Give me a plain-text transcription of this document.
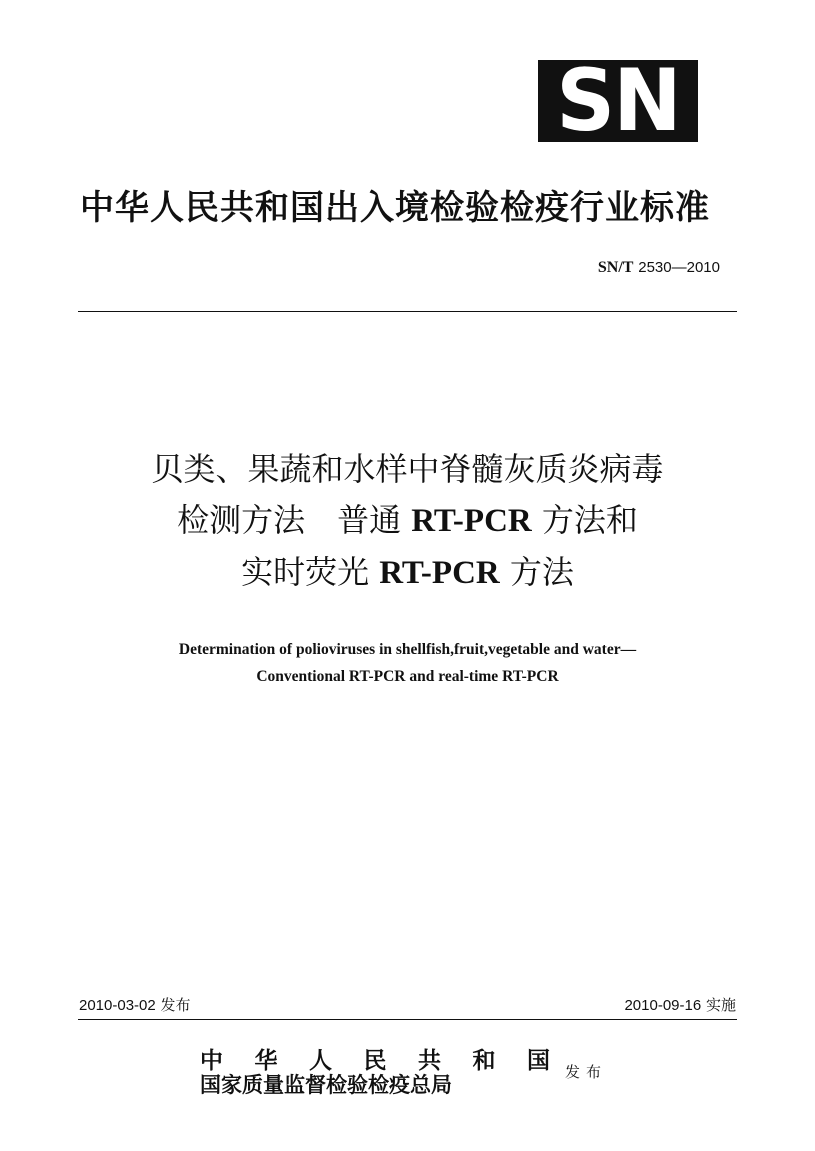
SN
中华人民共和国出入境检验检疫行业标准
SN/T 2530—2010
贝类、果蔬和水样中脊髓灰质炎病毒
检测方法　普通 RT-PCR 方法和
实时荧光 RT-PCR 方法
Determination of polioviruses in shellfish,fruit,vegetable and water—
Conventional RT-PCR and real-time RT-PCR
2010-03-02 发布	2010-09-16 实施
中 华 人 民 共 和 国
国家质量监督检验检疫总局	发布
